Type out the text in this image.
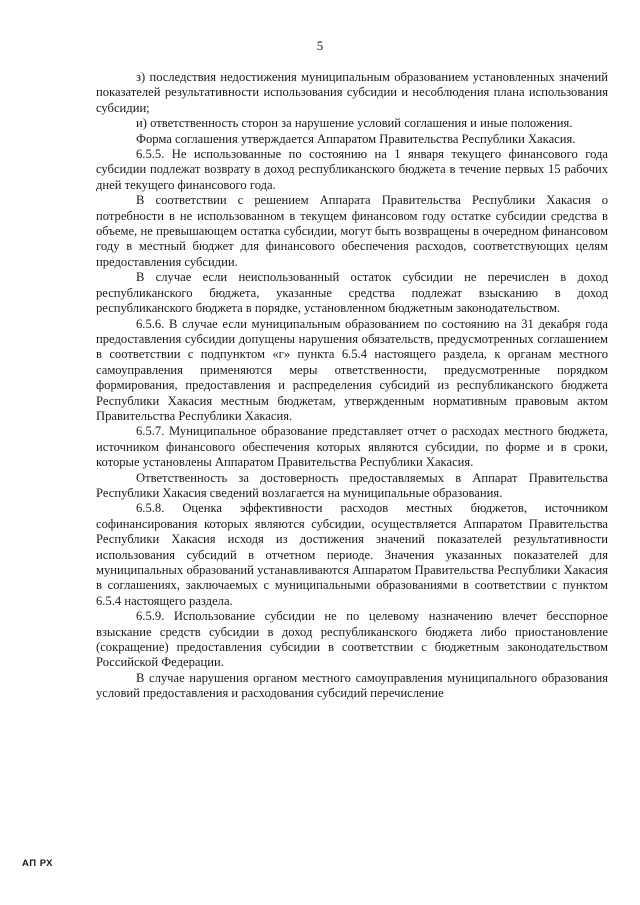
5

з) последствия недостижения муниципальным образованием установленных значений показателей результативности использования субсидии и несоблюдения плана использования субсидии;

и) ответственность сторон за нарушение условий соглашения и иные положения.

Форма соглашения утверждается Аппаратом Правительства Республики Хакасия.

6.5.5. Не использованные по состоянию на 1 января текущего финансового года субсидии подлежат возврату в доход республиканского бюджета в течение первых 15 рабочих дней текущего финансового года.

В соответствии с решением Аппарата Правительства Республики Хакасия о потребности в не использованном в текущем финансовом году остатке субсидии средства в объеме, не превышающем остатка субсидии, могут быть возвращены в очередном финансовом году в местный бюджет для финансового обеспечения расходов, соответствующих целям предоставления субсидии.

В случае если неиспользованный остаток субсидии не перечислен в доход республиканского бюджета, указанные средства подлежат взысканию в доход республиканского бюджета в порядке, установленном бюджетным законодательством.

6.5.6. В случае если муниципальным образованием по состоянию на 31 декабря года предоставления субсидии допущены нарушения обязательств, предусмотренных соглашением в соответствии с подпунктом «г» пункта 6.5.4 настоящего раздела, к органам местного самоуправления применяются меры ответственности, предусмотренные порядком формирования, предоставления и распределения субсидий из республиканского бюджета Республики Хакасия местным бюджетам, утвержденным нормативным правовым актом Правительства Республики Хакасия.

6.5.7. Муниципальное образование представляет отчет о расходах местного бюджета, источником финансового обеспечения которых являются субсидии, по форме и в сроки, которые установлены Аппаратом Правительства Республики Хакасия.

Ответственность за достоверность предоставляемых в Аппарат Правительства Республики Хакасия сведений возлагается на муниципальные образования.

6.5.8. Оценка эффективности расходов местных бюджетов, источником софинансирования которых являются субсидии, осуществляется Аппаратом Правительства Республики Хакасия исходя из достижения значений показателей результативности использования субсидий в отчетном периоде. Значения указанных показателей для муниципальных образований устанавливаются Аппаратом Правительства Республики Хакасия в соглашениях, заключаемых с муниципальными образованиями в соответствии с пунктом 6.5.4 настоящего раздела.

6.5.9. Использование субсидии не по целевому назначению влечет бесспорное взыскание средств субсидии в доход республиканского бюджета либо приостановление (сокращение) предоставления субсидии в соответствии с бюджетным законодательством Российской Федерации.

В случае нарушения органом местного самоуправления муниципального образования условий предоставления и расходования субсидий перечисление

АП РХ
